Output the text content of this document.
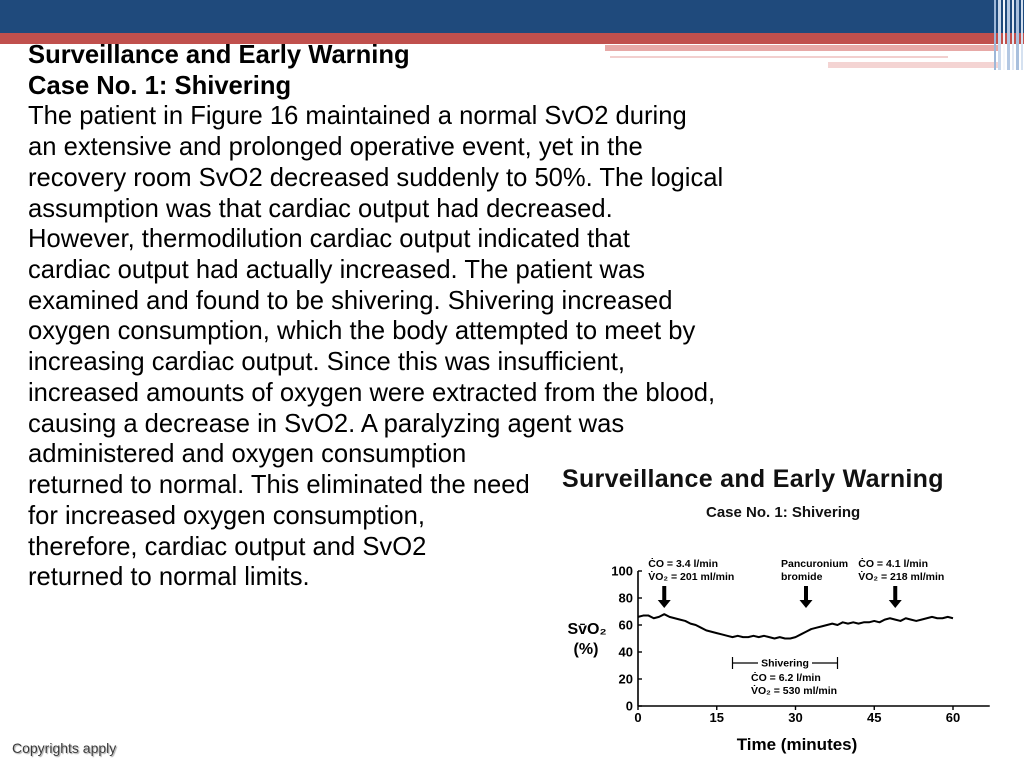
Surveillance and Early Warning
Case No. 1: Shivering
The patient in Figure 16 maintained a normal SvO2 during
an extensive and prolonged operative event, yet in the
recovery room SvO2 decreased suddenly to 50%. The logical
assumption was that cardiac output had decreased.
However, thermodilution cardiac output indicated that
cardiac output had actually increased. The patient was
examined and found to be shivering. Shivering increased
oxygen consumption, which the body attempted to meet by
increasing cardiac output. Since this was insufficient,
increased amounts of oxygen were extracted from the blood,
causing a decrease in SvO2. A paralyzing agent was
administered and oxygen consumption
returned to normal. This eliminated the need
for increased oxygen consumption,
therefore, cardiac output and SvO2
returned to normal limits.
Surveillance and Early Warning
Case No. 1: Shivering
Sv̄O₂
(%)
Time (minutes)
0
20
40
60
80
100
0	15	30	45	60
ĊO = 3.4 l/min
V̇O₂ = 201 ml/min
Pancuronium
bromide
ĊO = 4.1 l/min
V̇O₂ = 218 ml/min
Shivering
ĊO = 6.2 l/min
V̇O₂ = 530 ml/min
Copyrights apply
